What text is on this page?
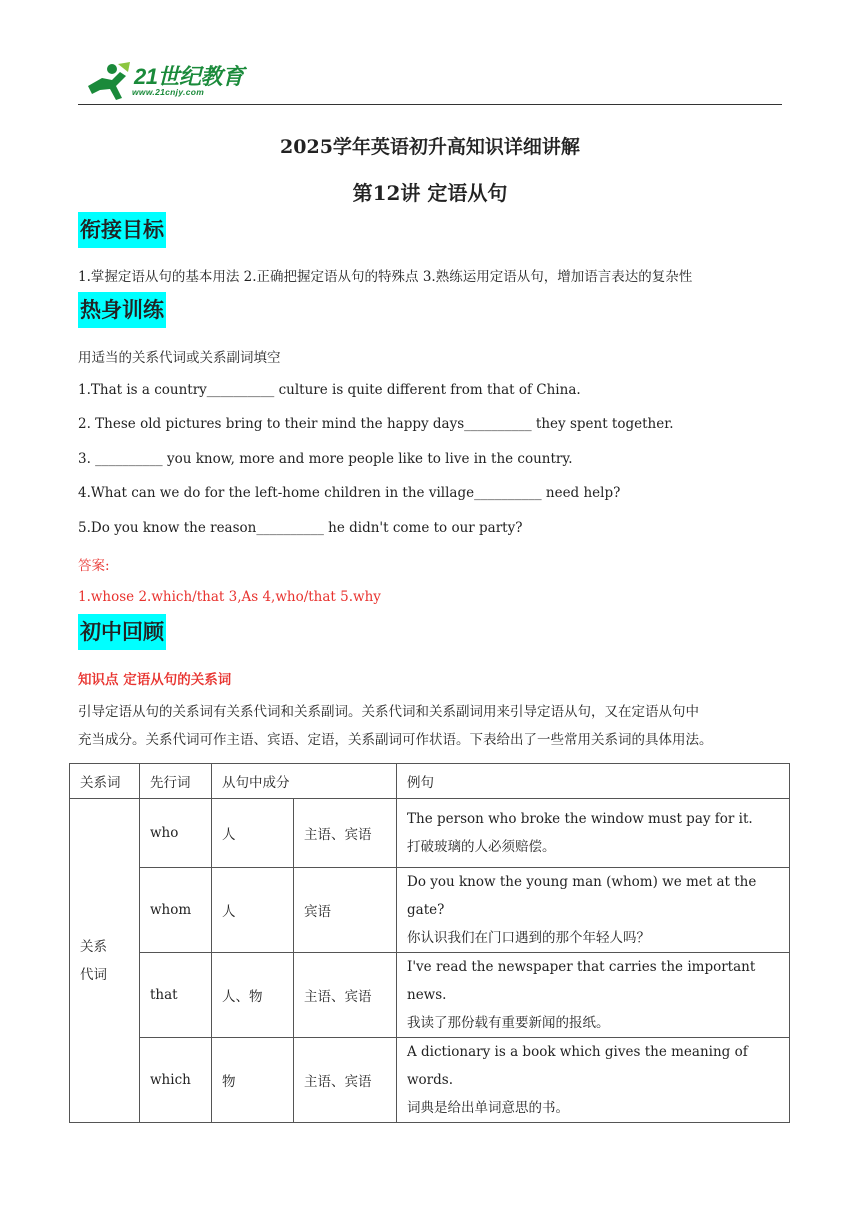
21世纪教育
www.21cnjy.com
2025学年英语初升高知识详细讲解
第12讲 定语从句
衔接目标
1.掌握定语从句的基本用法 2.正确把握定语从句的特殊点 3.熟练运用定语从句，增加语言表达的复杂性
热身训练
用适当的关系代词或关系副词填空
1.That is a country__________ culture is quite different from that of China.
2. These old pictures bring to their mind the happy days__________ they spent together.
3. __________ you know, more and more people like to live in the country.
4.What can we do for the left-home children in the village__________ need help?
5.Do you know the reason__________ he didn't come to our party?
答案:
1.whose 2.which/that 3,As 4,who/that 5.why
初中回顾
知识点 定语从句的关系词
引导定语从句的关系词有关系代词和关系副词。关系代词和关系副词用来引导定语从句，又在定语从句中
充当成分。关系代词可作主语、宾语、定语，关系副词可作状语。下表给出了一些常用关系词的具体用法。
关系词	先行词	从句中成分		例句

关系
代词	who	人	主语、宾语	The person who broke the window must pay for it.
打破玻璃的人必须赔偿。

	whom	人	宾语	Do you know the young man (whom) we met at the gate?
你认识我们在门口遇到的那个年轻人吗？

	that	人、物	主语、宾语	I've read the newspaper that carries the important news.
我读了那份载有重要新闻的报纸。

	which	物	主语、宾语	A dictionary is a book which gives the meaning of words.
词典是给出单词意思的书。
